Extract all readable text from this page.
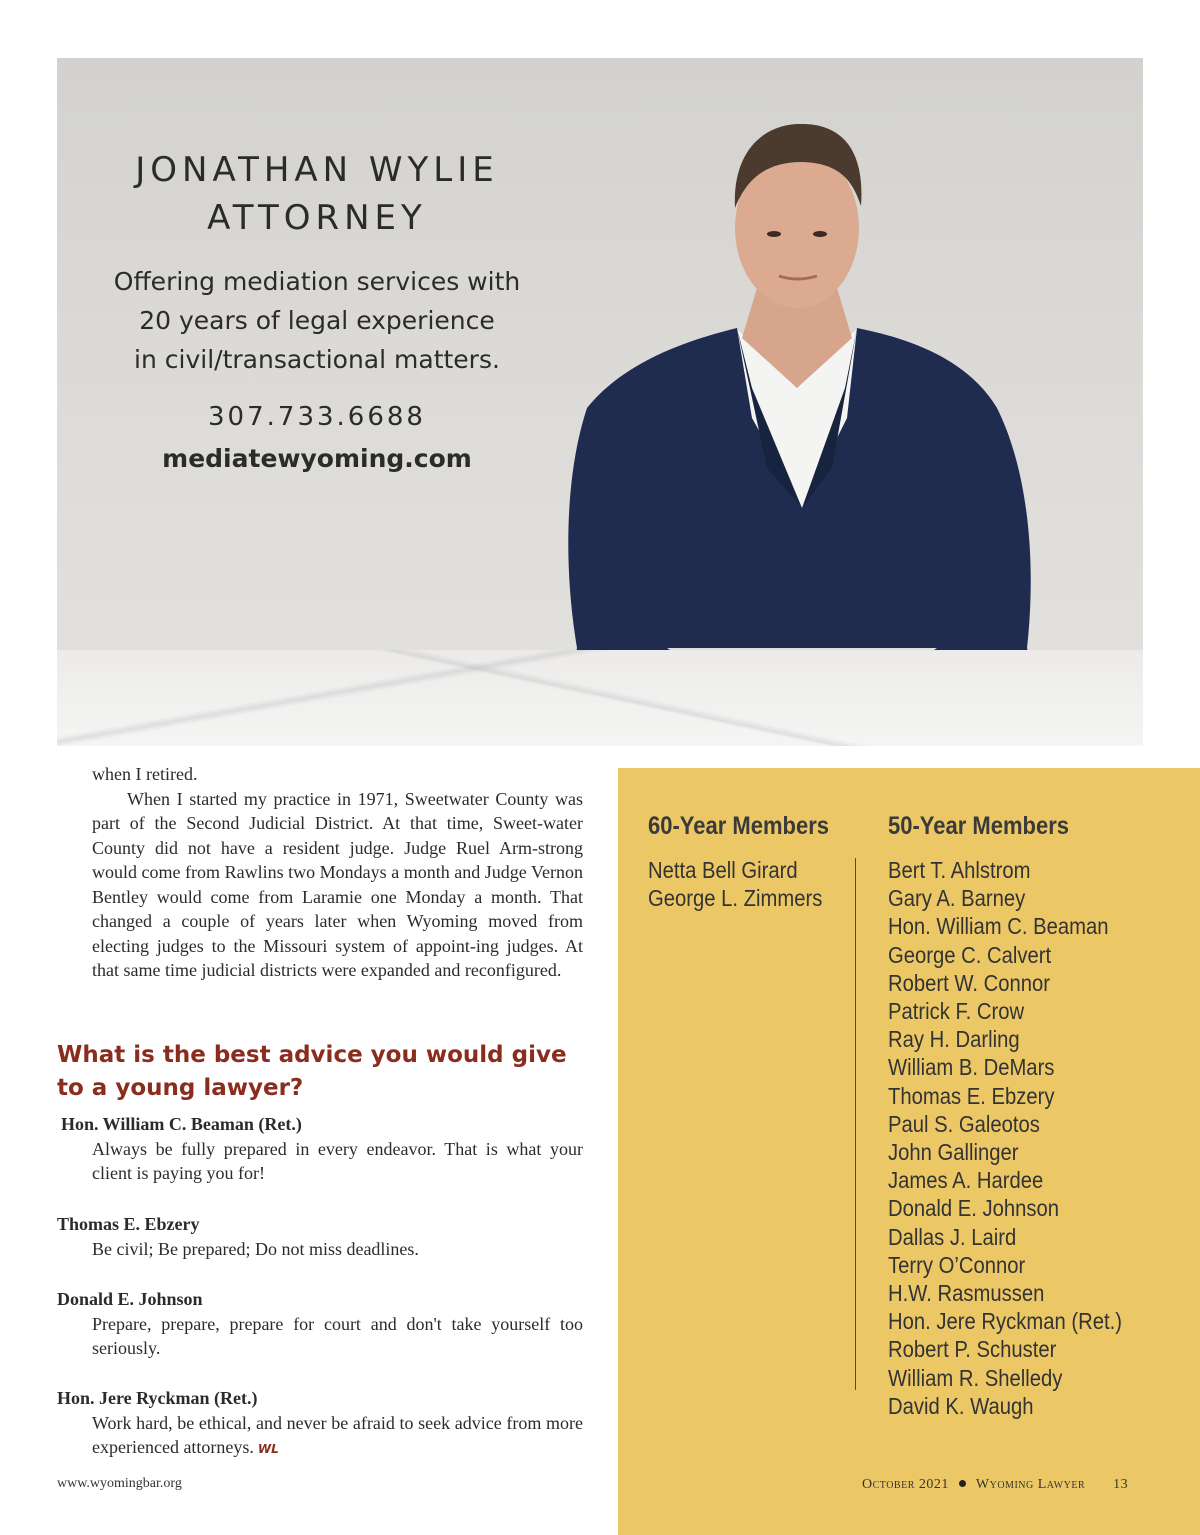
JONATHAN WYLIE
ATTORNEY
Offering mediation services with
20 years of legal experience
in civil/transactional matters.
307.733.6688
mediatewyoming.com

when I retired.

When I started my practice in 1971, Sweetwater County was part of the Second Judicial District. At that time, Sweet-water County did not have a resident judge. Judge Ruel Arm-strong would come from Rawlins two Mondays a month and Judge Vernon Bentley would come from Laramie one Monday a month. That changed a couple of years later when Wyoming moved from electing judges to the Missouri system of appoint-ing judges. At that same time judicial districts were expanded and reconfigured.

What is the best advice you would give to a young lawyer?

Hon. William C. Beaman (Ret.)

Always be fully prepared in every endeavor. That is what your client is paying you for!

Thomas E. Ebzery

Be civil; Be prepared; Do not miss deadlines.

Donald E. Johnson

Prepare, prepare, prepare for court and don't take yourself too seriously.

Hon. Jere Ryckman (Ret.)

Work hard, be ethical, and never be afraid to seek advice from more experienced attorneys. WL

www.wyomingbar.org
60-Year Members 50-Year Members
Netta Bell Girard
George L. Zimmers
Bert T. Ahlstrom
Gary A. Barney
Hon. William C. Beaman
George C. Calvert
Robert W. Connor
Patrick F. Crow
Ray H. Darling
William B. DeMars
Thomas E. Ebzery
Paul S. Galeotos
John Gallinger
James A. Hardee
Donald E. Johnson
Dallas J. Laird
Terry O’Connor
H.W. Rasmussen
Hon. Jere Ryckman (Ret.)
Robert P. Schuster
William R. Shelledy
David K. Waugh
October 2021 Wyoming Lawyer 13
